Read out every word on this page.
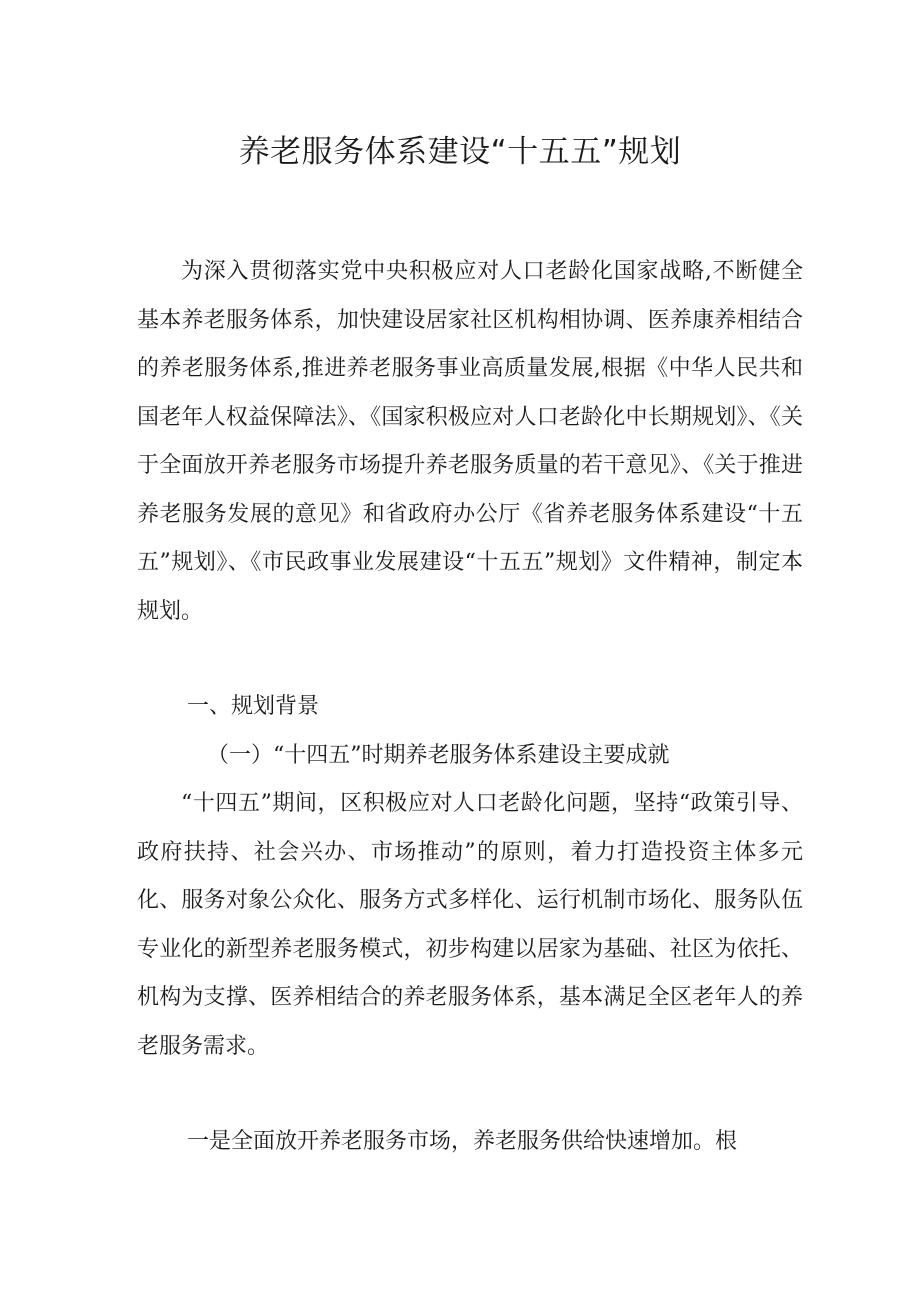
养老服务体系建设“十五五”规划

为深入贯彻落实党中央积极应对人口老龄化国家战略,不断健全基本养老服务体系，加快建设居家社区机构相协调、医养康养相结合的养老服务体系,推进养老服务事业高质量发展,根据《中华人民共和国老年人权益保障法》、《国家积极应对人口老龄化中长期规划》、《关于全面放开养老服务市场提升养老服务质量的若干意见》、《关于推进养老服务发展的意见》和省政府办公厅《省养老服务体系建设“十五五”规划》、《市民政事业发展建设“十五五”规划》文件精神，制定本规划。

一、规划背景

（一）“十四五”时期养老服务体系建设主要成就

“十四五”期间，区积极应对人口老龄化问题，坚持“政策引导、政府扶持、社会兴办、市场推动”的原则，着力打造投资主体多元化、服务对象公众化、服务方式多样化、运行机制市场化、服务队伍专业化的新型养老服务模式，初步构建以居家为基础、社区为依托、机构为支撑、医养相结合的养老服务体系，基本满足全区老年人的养老服务需求。

一是全面放开养老服务市场，养老服务供给快速增加。根
